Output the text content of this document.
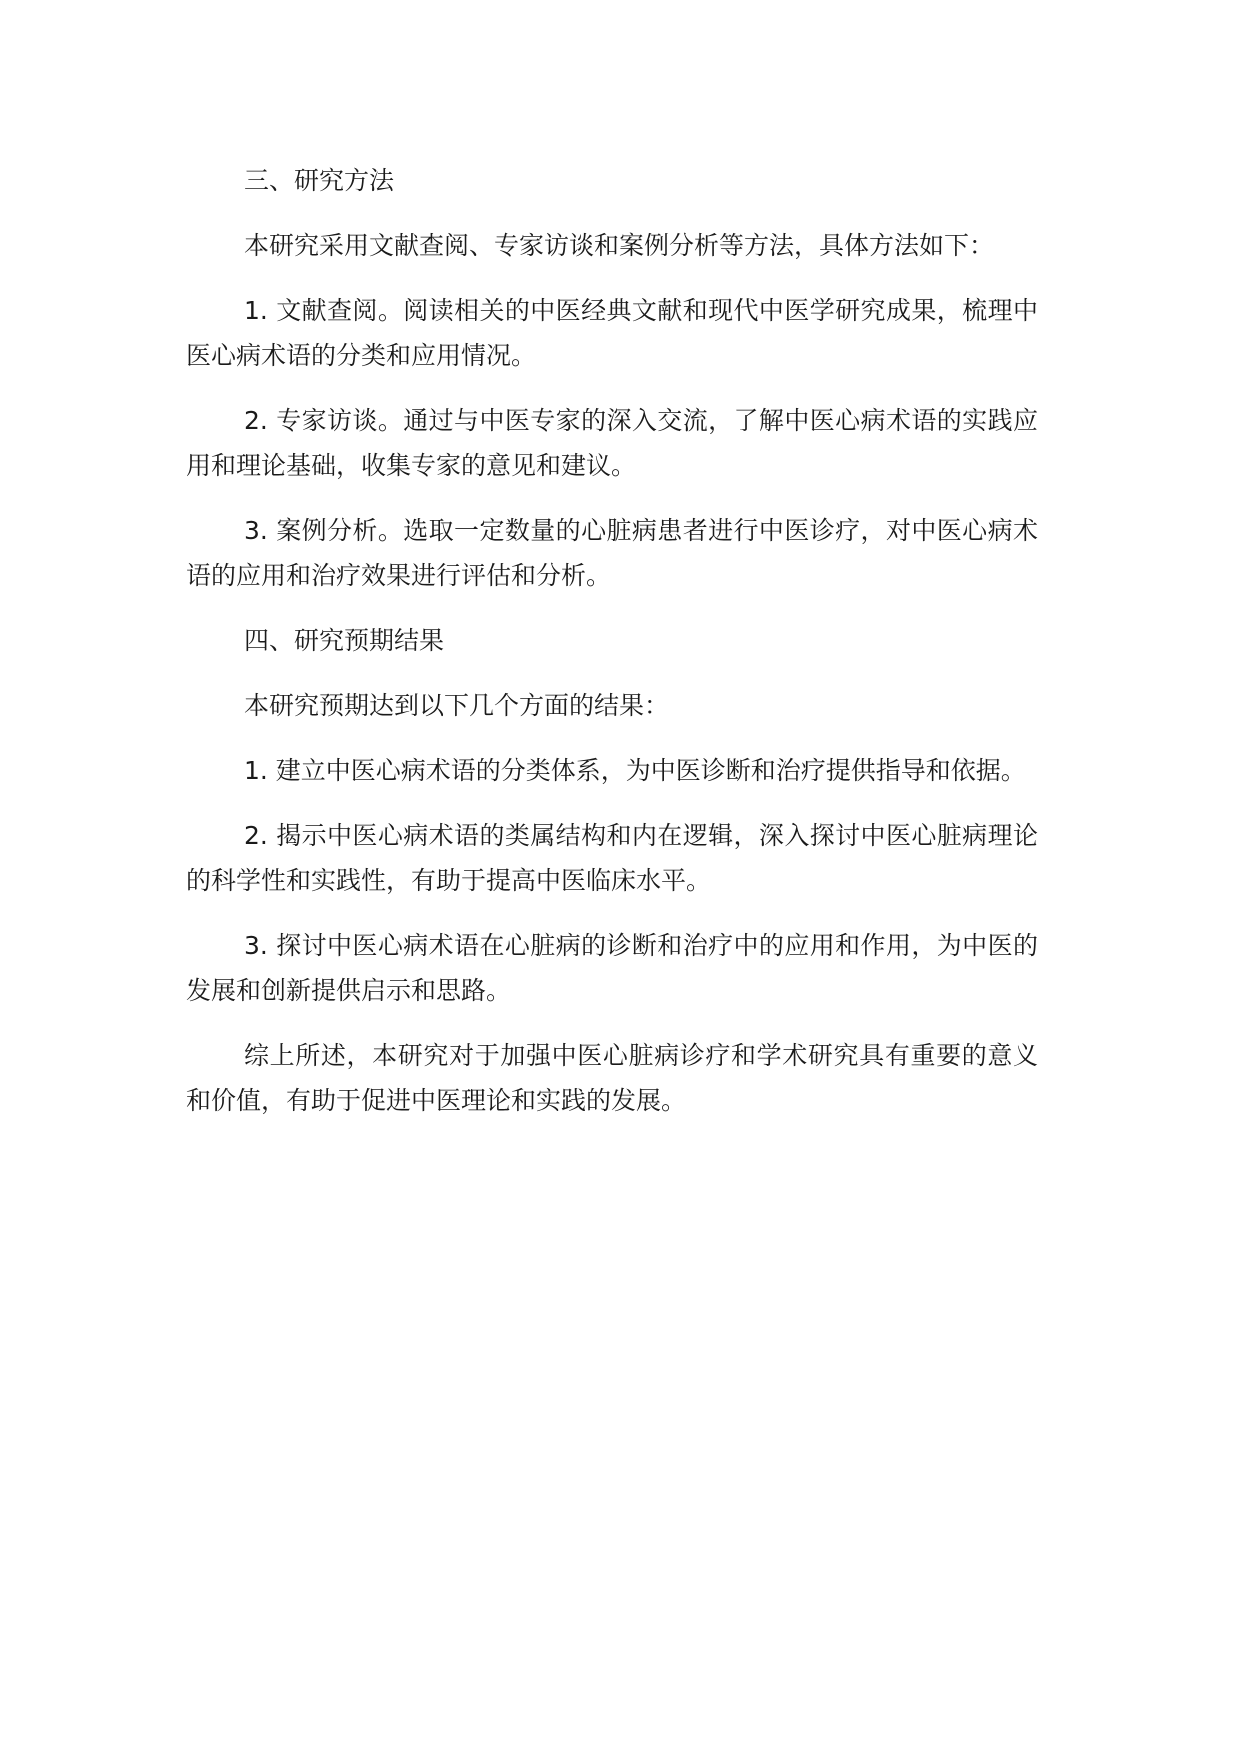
三、研究方法

本研究采用文献查阅、专家访谈和案例分析等方法，具体方法如下：

1. 文献查阅。阅读相关的中医经典文献和现代中医学研究成果，梳理中医心病术语的分类和应用情况。

2. 专家访谈。通过与中医专家的深入交流，了解中医心病术语的实践应用和理论基础，收集专家的意见和建议。

3. 案例分析。选取一定数量的心脏病患者进行中医诊疗，对中医心病术语的应用和治疗效果进行评估和分析。

四、研究预期结果

本研究预期达到以下几个方面的结果：

1. 建立中医心病术语的分类体系，为中医诊断和治疗提供指导和依据。

2. 揭示中医心病术语的类属结构和内在逻辑，深入探讨中医心脏病理论的科学性和实践性，有助于提高中医临床水平。

3. 探讨中医心病术语在心脏病的诊断和治疗中的应用和作用，为中医的发展和创新提供启示和思路。

综上所述，本研究对于加强中医心脏病诊疗和学术研究具有重要的意义和价值，有助于促进中医理论和实践的发展。
